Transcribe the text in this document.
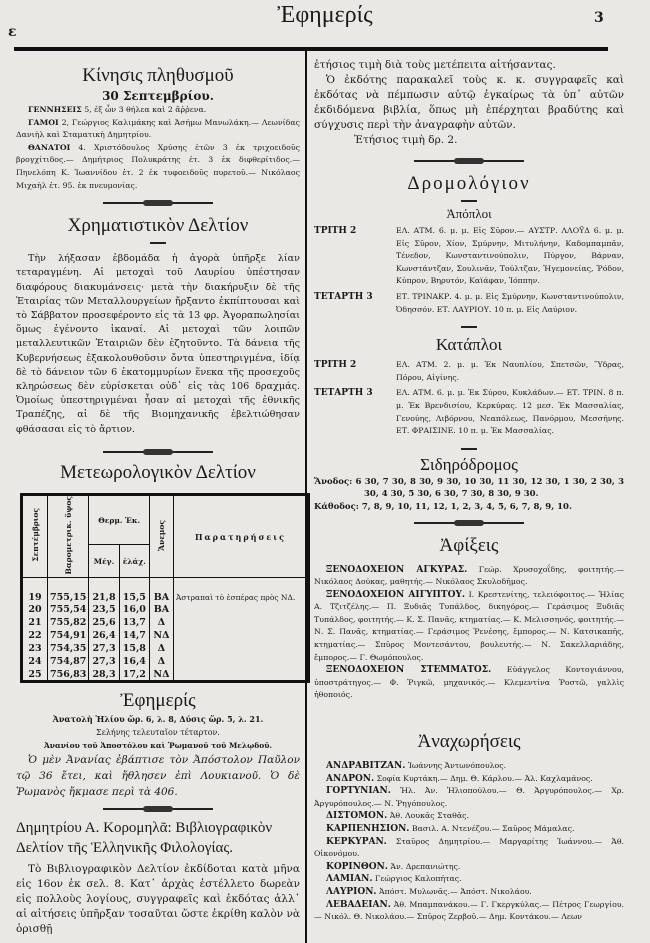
ε
Ἐφημερίς	3
Κίνησις πληθυσμοῦ
30 Σεπτεμβρίου.

ΓΕΝΝΗΣΕΙΣ 5, ἐξ ὧν 3 θήλεα καὶ 2 ἄῤῥενα.

ΓΑΜΟΙ 2, Γεώργιος Καλιμάκης καὶ Ἀσήμω Μανωλάκη.— Λεωνίδας Δανιὴλ καὶ Σταματικὴ Δημητρίου.

ΘΑΝΑΤΟΙ 4. Χριστόδουλος Χρύσης ἐτῶν 3 ἐκ τριχοειδοῦς βρογχίτιδος.— Δημήτριος Πολυκράτης ἐτ. 3 ἐκ διφθερίτιδος.—Πηνελόπη Κ. Ἰωαννίδου ἐτ. 2 ἐκ τυφοειδοῦς πυρετοῦ.— Νικόλαος Μιχαὴλ ἐτ. 95. ἐκ πνευμονίας.

Χρηματιστικὸν Δελτίον

Τὴν λήξασαν ἑβδομάδα ἡ ἀγορὰ ὑπῆρξε λίαν τεταραγμένη. Αἱ μετοχαὶ τοῦ Λαυρίου ὑπέστησαν διαφόρους διακυμάνσεις· μετὰ τὴν διακήρυξιν δὲ τῆς Ἑταιρίας τῶν Μεταλλουργείων ἤρξαντο ἐκπίπτουσαι καὶ τὸ Σάββατον προσεφέροντο εἰς τὰ 13 φρ. Ἀγοραπωλησίαι ὅμως ἐγένοντο ἱκαναί. Αἱ μετοχαὶ τῶν λοιπῶν μεταλλευτικῶν Ἑταιριῶν δὲν ἐζητοῦντο. Τὰ δάνεια τῆς Κυβερνήσεως ἐξακολουθοῦσιν ὄντα ὑπεστηριγμένα, ἰδίᾳ δὲ τὸ δάνειον τῶν 6 ἑκατομμυρίων ἕνεκα τῆς προσεχοῦς κληρώσεως δὲν εὑρίσκεται οὐδ᾽ εἰς τὰς 106 δραχμάς. Ὁμοίως ὑπεστηριγμέναι ἦσαν αἱ μετοχαὶ τῆς ἐθνικῆς Τραπέζης, αἱ δὲ τῆς Βιομηχανικῆς ἐβελτιώθησαν φθάσασαι εἰς τὸ ἄρτιον.

Μετεωρολογικὸν Δελτίον
Σεπτέμβριος	Βαρομετρικ. ὕψος	Θερμ. Ἑκ.		Ἄνεμος	Παρατηρήσεις
		Μέγ.	ἐλάχ.		
19	755,15	21,8	15,5	ΒΑ	Ἀστραπαὶ τὸ ἑσπέρας πρὸς ΝΔ.
20	755,54	23,5	16,0	ΒΑ	
21	755,82	25,6	13,7	Δ	
22	754,91	26,4	14,7	ΝΔ	
23	754,35	27,3	15,8	Δ	
24	754,87	27,3	16,4	Δ	
25	756,83	28,3	17,2	ΝΔ	
Ἐφημερίς
Ἀνατολὴ Ἡλίου ὥρ. 6, λ. 8, Δύσις ὥρ. 5, λ. 21.
Σελήνης τελευταῖον τέταρτον.
Ἀνανίου τοῦ Ἀποστόλου καὶ Ῥωμανοῦ τοῦ Μελῳδοῦ.
Ὁ μὲν Ἀνανίας ἐβάπτισε τὸν Ἀπόστολον Παῦλον τῷ 36 ἔτει, καὶ ἤθλησεν ἐπὶ Λουκιανοῦ. Ὁ δὲ Ῥωμανὸς ἤκμασε περὶ τὰ 406.
Δημητρίου Α. Κορομηλᾶ: Βιβλιογραφικὸν Δελτίον τῆς Ἑλληνικῆς Φιλολογίας.

Τὸ Βιβλιογραφικὸν Δελτίον ἐκδίδοται κατὰ μῆνα εἰς 16ον ἐκ σελ. 8. Κατ᾽ ἀρχὰς ἐστέλλετο δωρεὰν εἰς πολλοὺς λογίους, συγγραφεῖς καὶ ἐκδότας ἀλλ᾽ αἱ αἰτήσεις ὑπῆρξαν τοσαῦται ὥστε ἐκρίθη καλὸν νὰ ὁρισθῇ

ἐτήσιος τιμὴ διὰ τοὺς μετέπειτα αἰτήσαντας.

Ὁ ἐκδότης παρακαλεῖ τοὺς κ. κ. συγγραφεῖς καὶ ἐκδότας νὰ πέμπωσιν αὐτῷ ἐγκαίρως τὰ ὑπ᾽ αὐτῶν ἐκδιδόμενα βιβλία, ὅπως μὴ ἐπέρχηται βραδύτης καὶ σύγχυσις περὶ τὴν ἀναγραφὴν αὐτῶν.

Ἐτήσιος τιμὴ δρ. 2.

Δρομολόγιον
Ἀπόπλοι
ΤΡΙΤΗ 2	ΕΛ. ΑΤΜ. 6. μ. μ. Εἰς Σῦρον.— ΑΥΣΤΡ. ΛΛΟΫΔ 6. μ. μ. Εἰς Σῦρον, Χίον, Σμύρνην, Μιτυλήνην, Καδομπαμπᾶν, Τένεδον, Κωνσταντινούπολιν, Πύργον, Βάρναν, Κωνστάντζαν, Σουλινᾶν, Τούλτζαν, Ἡγεμονείας, Ῥόδον, Κύπρον, Βηρυτόν, Καϊάφαν, Ἰόππην.
ΤΕΤΑΡΤΗ 3	ΕΤ. ΤΡΙΝΑΚΡ. 4. μ. μ. Εἰς Σμύρνην, Κωνσταντινούπολιν, Ὀδησσόν. ΕΤ. ΛΑΥΡΙΟΥ. 10 π. μ. Εἰς Λαύριον.
Κατάπλοι
ΤΡΙΤΗ 2	ΕΛ. ΑΤΜ. 2. μ. μ. Ἐκ Ναυπλίου, Σπετσῶν, Ὕδρας, Πόρου, Αἰγίνης.
ΤΕΤΑΡΤΗ 3	ΕΛ. ΑΤΜ. 6. μ. μ. Ἐκ Σύρου, Κυκλάδων.— ΕΤ. ΤΡΙΝ. 8 π. μ. Ἐκ Βρενδισίου, Κερκύρας. 12 μεσ. Ἐκ Μασσαλίας, Γενούης, Λιβόρνου, Νεαπόλεως, Πανόρμου, Μεσσήνης. ΕΤ. ΦΡΑΙΣΙΝΕ. 10 π. μ. Ἐκ Μασσαλίας.
Σιδηρόδρομος

Ἄνοδος: 6 30, 7 30, 8 30, 9 30, 10 30, 11 30, 12 30, 1 30, 2 30, 3 30, 4 30, 5 30, 6 30, 7 30, 8 30, 9 30.

Κάθοδος: 7, 8, 9, 10, 11, 12, 1, 2, 3, 4, 5, 6, 7, 8, 9, 10.

Ἀφίξεις

ΞΕΝΟΔΟΧΕΙΟΝ ΑΓΚΥΡΑΣ. Γεώρ. Χρυσοχοΐδης, φοιτητής.— Νικόλαος Δούκας, μαθητής.— Νικόλαος Σκυλοδῆμος.

ΞΕΝΟΔΟΧΕΙΟΝ ΑΙΓΥΠΤΟΥ. Ι. Κρεστενίτης, τελειόφοιτος.— Ἠλίας Α. Τζιτζέλης.— Π. Ξυδιᾶς Τυπάλδος, δικηγόρος.— Γεράσιμος Ξυδιᾶς Τυπάλδος, φοιτητής.— Κ. Σ. Πανᾶς, κτηματίας.— Κ. Μελισσηνός, φοιτητής.— Ν. Σ. Πανᾶς, κτηματίας.— Γεράσιμος Ῥενέσης, ἔμπορος.— Ν. Κατσικαπῆς, κτηματίας.— Σπῦρος Μοντεσάντου, βουλευτής.— Ν. Σακελλαριάδης, ἔμπορος.— Γ. Θωμόπουλος.

ΞΕΝΟΔΟΧΕΙΟΝ ΣΤΕΜΜΑΤΟΣ. Εὐάγγελος Κοντογιάννου, ὑποστράτηγος.— Φ. Ῥιγκῶ, μηχανικός.— Κλεμεντίνα Ῥοστῶ, γαλλὶς ἠθοποιός.

Ἀναχωρήσεις

ΑΝΔΡΑΒΙΤΖΑΝ. Ἰωάννης Ἀντωνόπουλος.

ΑΝΔΡΟΝ. Σοφία Κυρτάκη.— Δημ. Θ. Κάρλου.— Ἀλ. Καχλαμάνος.

ΓΟΡΤΥΝΙΑΝ. Ἠλ. Ἀν. Ἠλιοπούλου.— Θ. Ἀργυρόπουλος.— Χρ. Ἀργυρόπουλος.— Ν. Ῥηγόπουλος.

ΔΙΣΤΟΜΟΝ. Ἀθ. Λουκᾶς Σταθᾶς.

ΚΑΡΠΕΝΗΣΙΟΝ. Βασιλ. Α. Ντενέζου.— Σαῦρος Μάμαλας.

ΚΕΡΚΥΡΑΝ. Σταῦρος Δημητρίου.— Μαργαρίτης Ἰωάννου.— Ἀθ. Οἰκονόμου.

ΚΟΡΙΝΘΟΝ. Ἀν. Δρεπανιώτης.

ΛΑΜΙΑΝ. Γεώργιος Καλοπήτας.

ΛΑΥΡΙΟΝ. Ἀπόστ. Μυλωνᾶς.— Ἀπόστ. Νικολάου.

ΛΕΒΑΔΕΙΑΝ. Ἀθ. Μπαμπανάκου.— Γ. Γκεργκύλας.— Πέτρος Γεωργίου.— Νικόλ. Θ. Νικολάου.— Σπῦρος Ζερβοῦ.— Δημ. Κοντάκου.— Λεων
